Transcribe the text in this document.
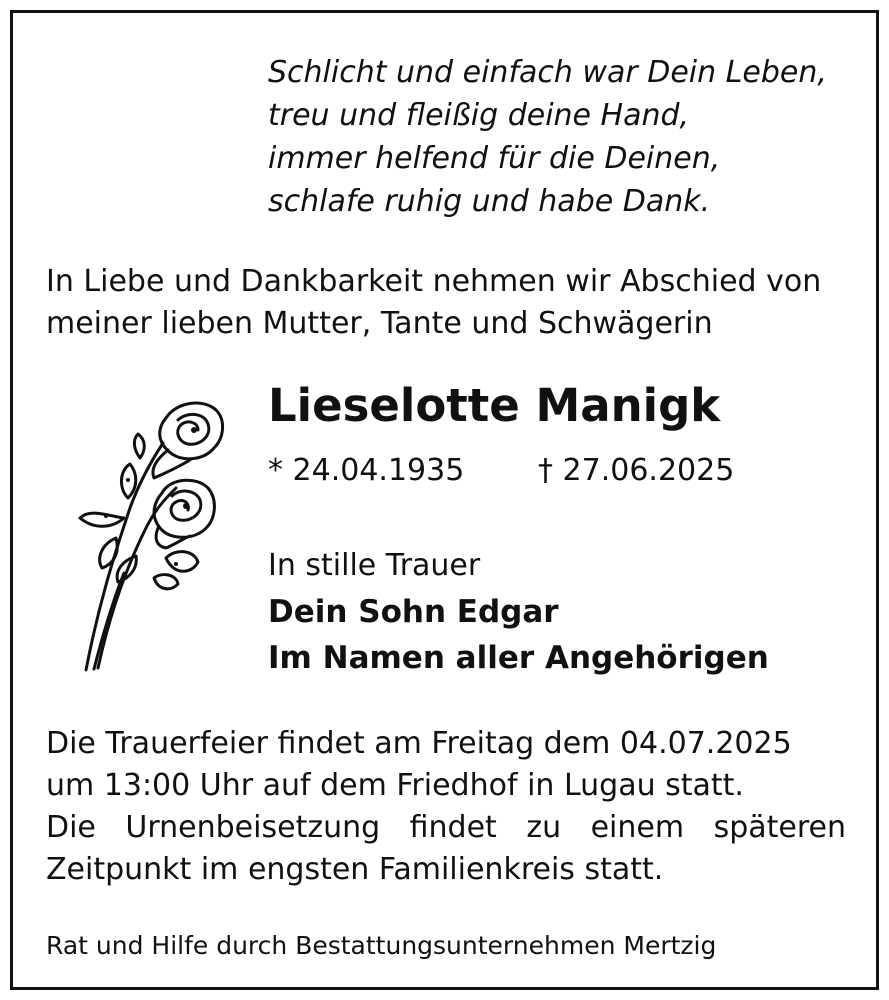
Schlicht und einfach war Dein Leben,
treu und fleißig deine Hand,
immer helfend für die Deinen,
schlafe ruhig und habe Dank.
In Liebe und Dankbarkeit nehmen wir Abschied von
meiner lieben Mutter, Tante und Schwägerin
Lieselotte Manigk
* 24.04.1935 † 27.06.2025
In stille Trauer
Dein Sohn Edgar
Im Namen aller Angehörigen
Die Trauerfeier findet am Freitag dem 04.07.2025
um 13:00 Uhr auf dem Friedhof in Lugau statt.
Die Urnenbeisetzung findet zu einem späteren
Zeitpunkt im engsten Familienkreis statt.
Rat und Hilfe durch Bestattungsunternehmen Mertzig
